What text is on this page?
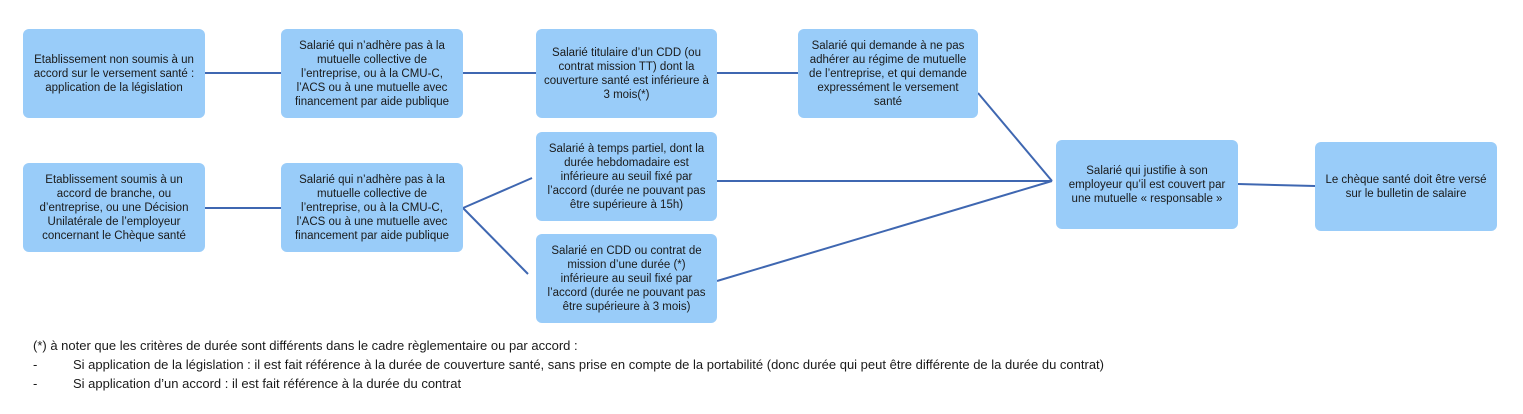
Etablissement non soumis à un accord sur le versement santé : application de la législation
Salarié qui n’adhère pas à la mutuelle collective de l’entreprise, ou à la CMU-C, l’ACS ou à une mutuelle avec financement par aide publique
Salarié titulaire d’un CDD (ou contrat mission TT) dont la couverture santé est inférieure à 3 mois(*)
Salarié qui demande à ne pas adhérer au régime de mutuelle de l’entreprise, et qui demande expressément le versement santé
Etablissement soumis à un accord de branche, ou d’entreprise, ou une Décision Unilatérale de l’employeur concernant le Chèque santé
Salarié qui n’adhère pas à la mutuelle collective de l’entreprise, ou à la CMU-C, l’ACS ou à une mutuelle avec financement par aide publique
Salarié à temps partiel, dont la durée hebdomadaire est inférieure au seuil fixé par l’accord (durée ne pouvant pas être supérieure à 15h)
Salarié en CDD ou contrat de mission d’une durée (*) inférieure au seuil fixé par l’accord (durée ne pouvant pas être supérieure à 3 mois)
Salarié qui justifie à son employeur qu’il est couvert par une mutuelle « responsable »
Le chèque santé doit être versé sur le bulletin de salaire
(*) à noter que les critères de durée sont différents dans le cadre règlementaire ou par accord :
-	Si application de la législation : il est fait référence à la durée de couverture santé, sans prise en compte de la portabilité (donc durée qui peut être différente de la durée du contrat)
-	Si application d’un accord : il est fait référence à la durée du contrat
